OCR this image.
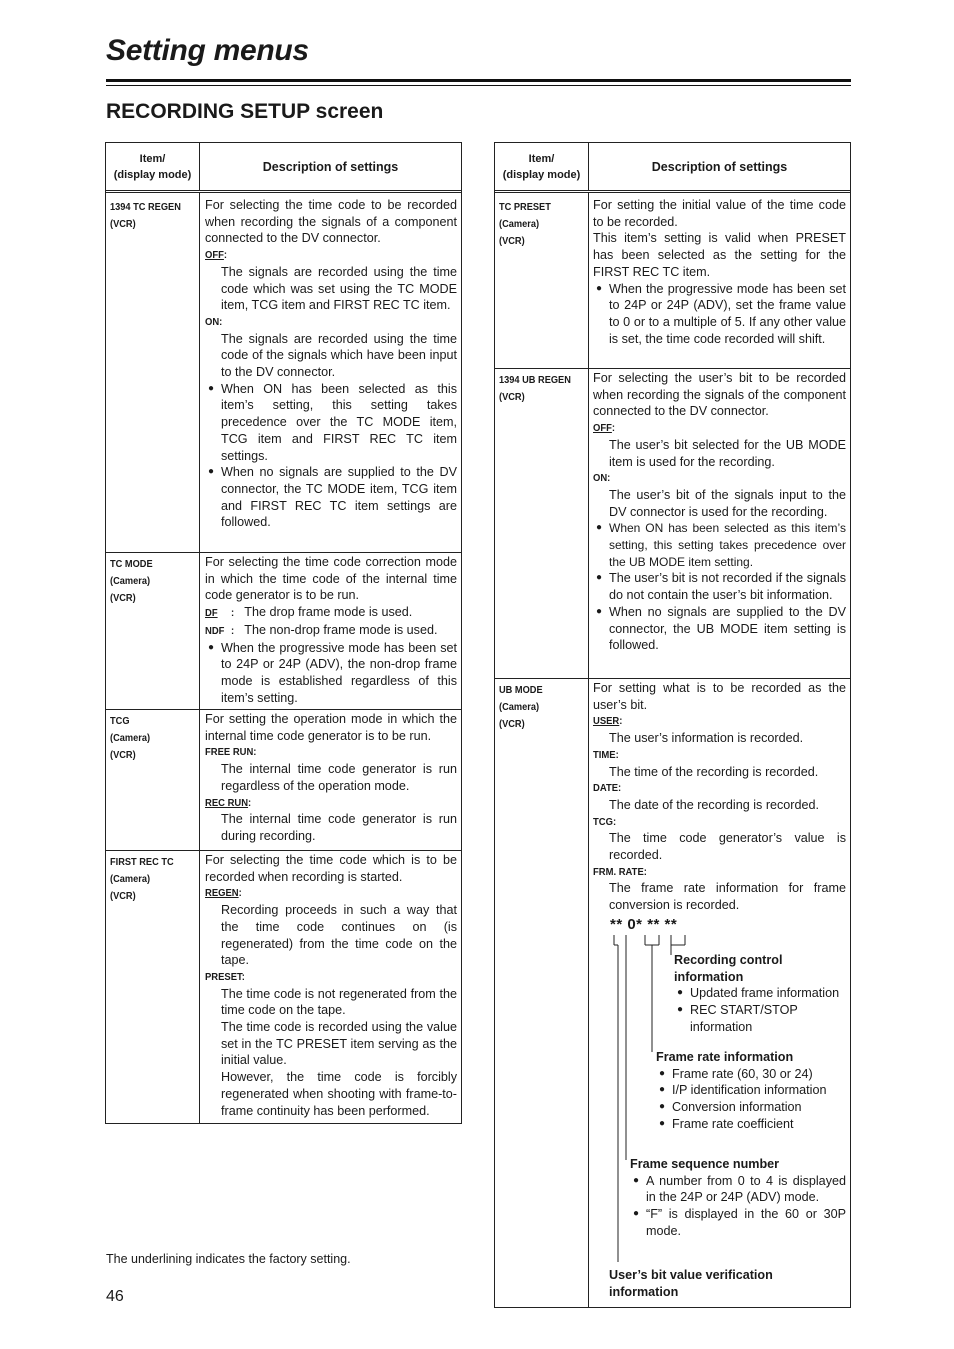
Setting menus
RECORDING SETUP screen
Item/
(display mode)
Description of settings
1394 TC REGEN
(VCR)

For selecting the time code to be recorded when recording the signals of a component connected to the DV connector.

OFF:

The signals are recorded using the time code which was set using the TC MODE item, TCG item and FIRST REC TC item.

ON:

The signals are recorded using the time code of the signals which have been input to the DV connector.

● When ON has been selected as this item’s setting, this setting takes precedence over the TC MODE item, TCG item and FIRST REC TC item settings.

● When no signals are supplied to the DV connector, the TC MODE item, TCG item and FIRST REC TC item settings are followed.

TC MODE
(Camera)
(VCR)

For selecting the time code correction mode in which the time code of the internal time code generator is to be run.

DF : The drop frame mode is used.

NDF : The non-drop frame mode is used.

● When the progressive mode has been set to 24P or 24P (ADV), the non-drop frame mode is established regardless of this item’s setting.

TCG
(Camera)
(VCR)

For setting the operation mode in which the internal time code generator is to be run.

FREE RUN:

The internal time code generator is run regardless of the operation mode.

REC RUN:

The internal time code generator is run during recording.

FIRST REC TC
(Camera)
(VCR)

For selecting the time code which is to be recorded when recording is started.

REGEN:

Recording proceeds in such a way that the time code continues on (is regenerated) from the time code on the tape.

PRESET:

The time code is not regenerated from the time code on the tape.

The time code is recorded using the value set in the TC PRESET item serving as the initial value.

However, the time code is forcibly regenerated when shooting with frame-to-frame continuity has been performed.

Item/
(display mode)
Description of settings
TC PRESET
(Camera)
(VCR)

For setting the initial value of the time code to be recorded.

This item’s setting is valid when PRESET has been selected as the setting for the FIRST REC TC item.

● When the progressive mode has been set to 24P or 24P (ADV), set the frame value to 0 or to a multiple of 5. If any other value is set, the time code recorded will shift.

1394 UB REGEN
(VCR)

For selecting the user’s bit to be recorded when recording the signals of the component connected to the DV connector.

OFF:

The user’s bit selected for the UB MODE item is used for the recording.

ON:

The user’s bit of the signals input to the DV connector is used for the recording.

● When ON has been selected as this item’s setting, this setting takes precedence over the UB MODE item setting.

● The user’s bit is not recorded if the signals do not contain the user’s bit information.

● When no signals are supplied to the DV connector, the UB MODE item setting is followed.

UB MODE
(Camera)
(VCR)

For setting what is to be recorded as the user’s bit.

USER:

The user’s information is recorded.

TIME:

The time of the recording is recorded.

DATE:

The date of the recording is recorded.

TCG:

The time code generator’s value is recorded.

FRM. RATE:

The frame rate information for frame conversion is recorded.

** 0* ** **

Recording control information

● Updated frame information

● REC START/STOP information

Frame rate information

● Frame rate (60, 30 or 24)

● I/P identification information

● Conversion information

● Frame rate coefficient

Frame sequence number

● A number from 0 to 4 is displayed in the 24P or 24P (ADV) mode.

● “F” is displayed in the 60 or 30P mode.

User’s bit value verification information
The underlining indicates the factory setting.
46
